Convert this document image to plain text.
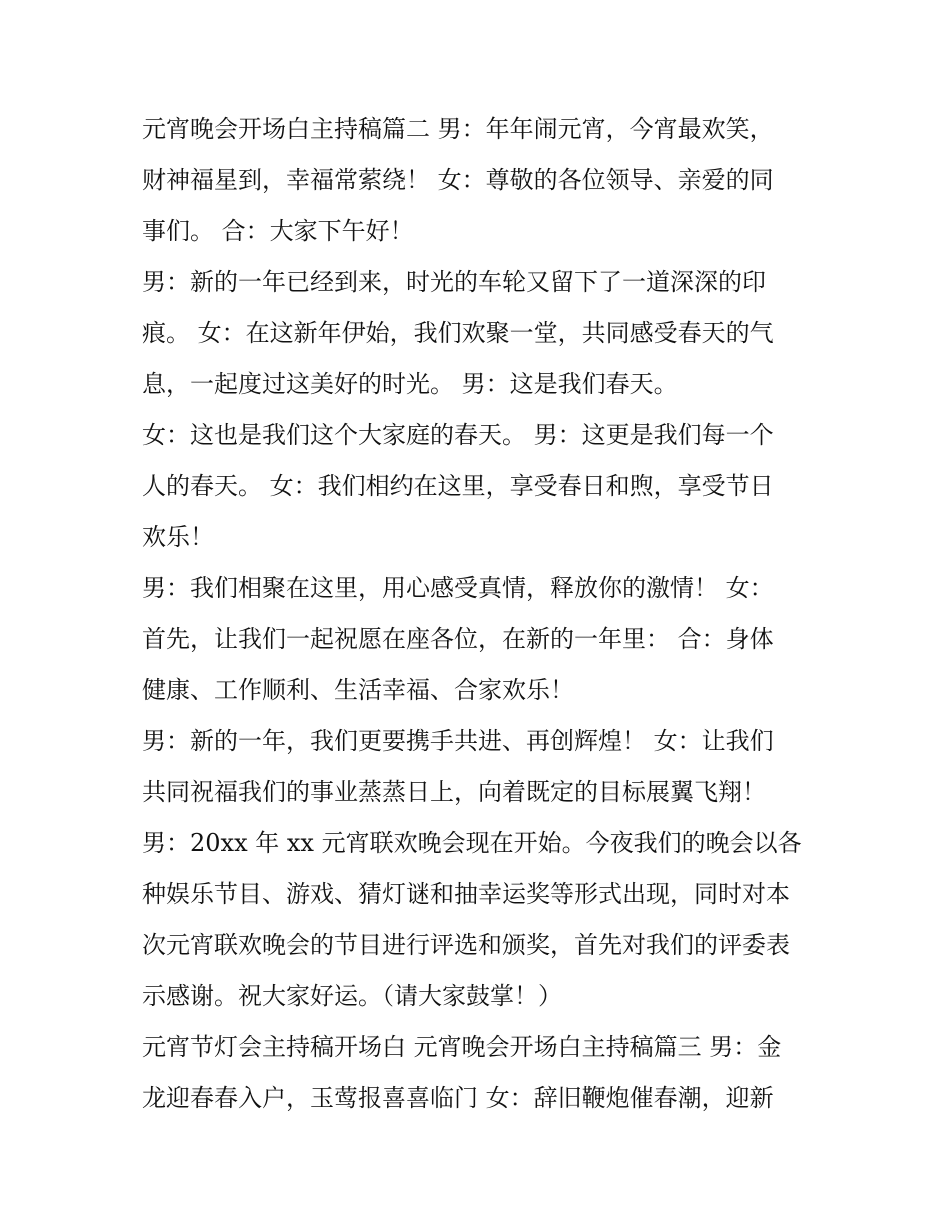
元宵晚会开场白主持稿篇二 男：年年闹元宵，今宵最欢笑，
财神福星到，幸福常萦绕！ 女：尊敬的各位领导、亲爱的同
事们。 合：大家下午好！
男：新的一年已经到来，时光的车轮又留下了一道深深的印
痕。 女：在这新年伊始，我们欢聚一堂，共同感受春天的气
息，一起度过这美好的时光。 男：这是我们春天。
女：这也是我们这个大家庭的春天。 男：这更是我们每一个
人的春天。 女：我们相约在这里，享受春日和煦，享受节日
欢乐！
男：我们相聚在这里，用心感受真情，释放你的激情！ 女：
首先，让我们一起祝愿在座各位，在新的一年里： 合：身体
健康、工作顺利、生活幸福、合家欢乐！
男：新的一年，我们更要携手共进、再创辉煌！ 女：让我们
共同祝福我们的事业蒸蒸日上，向着既定的目标展翼飞翔！
男：20xx 年 xx 元宵联欢晚会现在开始。今夜我们的晚会以各
种娱乐节目、游戏、猜灯谜和抽幸运奖等形式出现，同时对本
次元宵联欢晚会的节目进行评选和颁奖，首先对我们的评委表
示感谢。祝大家好运。（请大家鼓掌！）
元宵节灯会主持稿开场白 元宵晚会开场白主持稿篇三 男：金
龙迎春春入户，玉莺报喜喜临门 女：辞旧鞭炮催春潮，迎新
